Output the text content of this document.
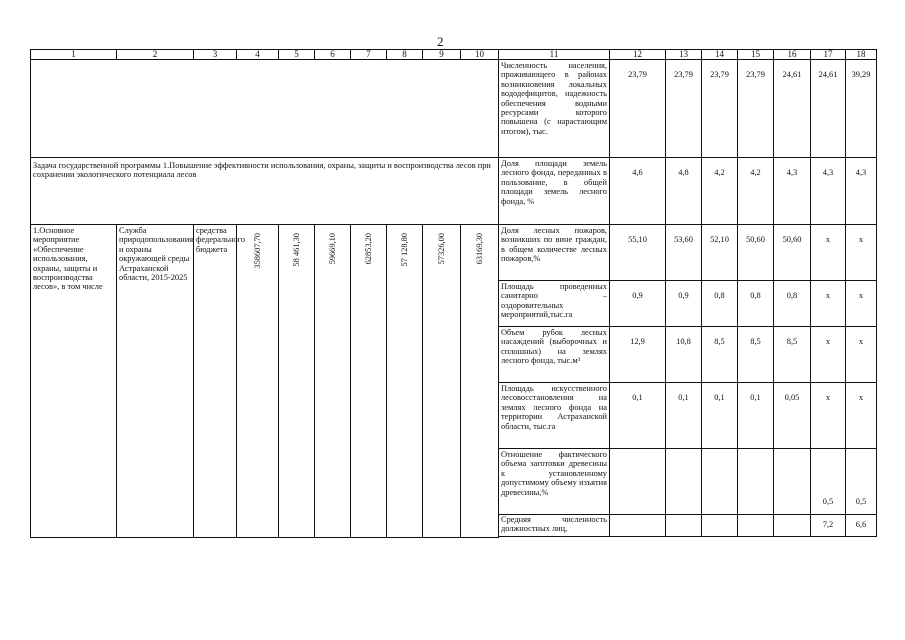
2
1	2	3	4	5	6	7	8	9	10	11	12	13	14	15	16	17	18
										Численность населения, проживающего в районах возникновения локальных вододефицитов, надежность обеспечения водными ресурсами которого повышена (с нарастающим итогом), тыс.	23,79	23,79	23,79	23,79	24,61	24,61	39,29
Задача государственной программы 1.Повышение эффективности использования, охраны, защиты и воспроизводства лесов при сохранении экологического потенциала лесов										Доля площади земель лесного фонда, переданных в пользование, в общей площади земель лесного фонда, %	4,6	4,8	4,2	4,2	4,3	4,3	4,3
1.Основное мероприятие «Обеспечение использования, охраны, защиты и воспроизводства лесов», в том числе	Служба природопользования и охраны окружающей среды Астраханской области, 2015-2025	средства федерального бюджета	358607,70	58 461,30	59669,10	62853,20	57 128,80	57326,00	63169,30	Доля лесных пожаров, возникших по вине граждан, в общем количестве лесных пожаров,%	55,10	53,60	52,10	50,60	50,60	x	x
										Площадь проведенных санитарно – оздоровительных мероприятий,тыс.га	0,9	0,9	0,8	0,8	0,8	x	x
										Объем рубок лесных насаждений (выборочных и сплошных) на землях лесного фонда, тыс.м³	12,9	10,8	8,5	8,5	8,5	x	x
										Площадь искусственного лесовосстановления на землях лесного фонда на территории Астраханской области, тыс.га	0,1	0,1	0,1	0,1	0,05	x	x
										Отношение фактического объема заготовки древесины к установленному допустимому объему изъятия древесины,%						0,5	0,5
										Средняя численность должностных лиц,						7,2	6,6
